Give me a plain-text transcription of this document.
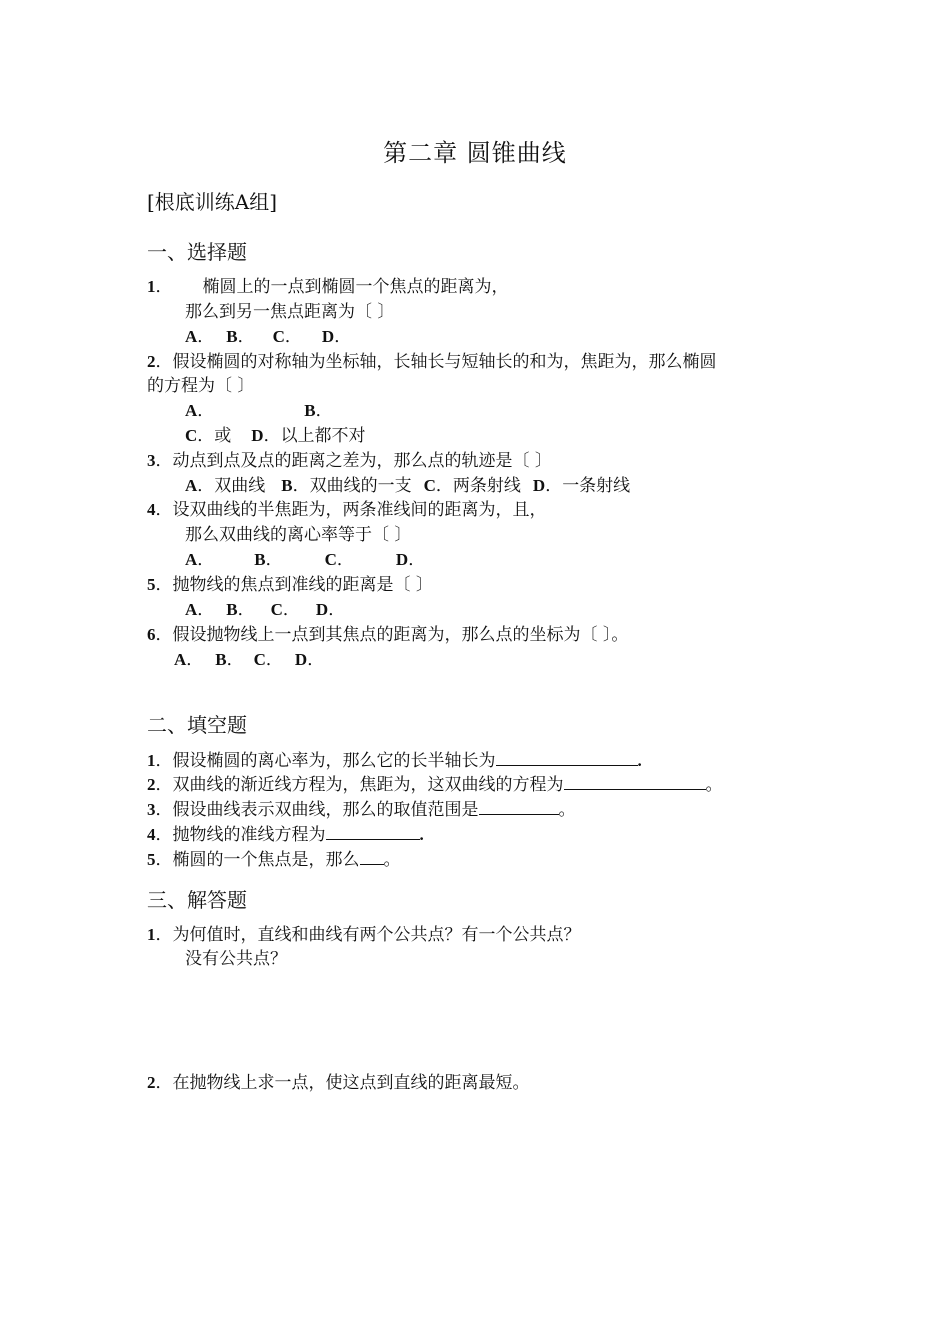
第二章 圆锥曲线
[根底训练A组]
一、选择题
1． 椭圆上的一点到椭圆一个焦点的距离为，
那么到另一焦点距离为〔 〕
A． B． C． D．
2．假设椭圆的对称轴为坐标轴，长轴长与短轴长的和为，焦距为，那么椭圆
的方程为〔 〕
A．	B．
C．或 D．以上都不对
3．动点到点及点的距离之差为，那么点的轨迹是〔 〕
A．双曲线 B．双曲线的一支 C．两条射线 D．一条射线
4．设双曲线的半焦距为，两条准线间的距离为，且，
那么双曲线的离心率等于〔 〕
A． B． C． D．
5．抛物线的焦点到准线的距离是〔 〕
A． B． C． D．
6．假设抛物线上一点到其焦点的距离为，那么点的坐标为〔 〕。
A． B． C． D．
二、填空题
1．假设椭圆的离心率为，那么它的长半轴长为	.
2．双曲线的渐近线方程为，焦距为，这双曲线的方程为	。
3．假设曲线表示双曲线，那么的取值范围是	。
4．抛物线的准线方程为	.
5．椭圆的一个焦点是，那么 。
三、解答题
1．为何值时，直线和曲线有两个公共点？有一个公共点？
没有公共点？
2．在抛物线上求一点，使这点到直线的距离最短。
